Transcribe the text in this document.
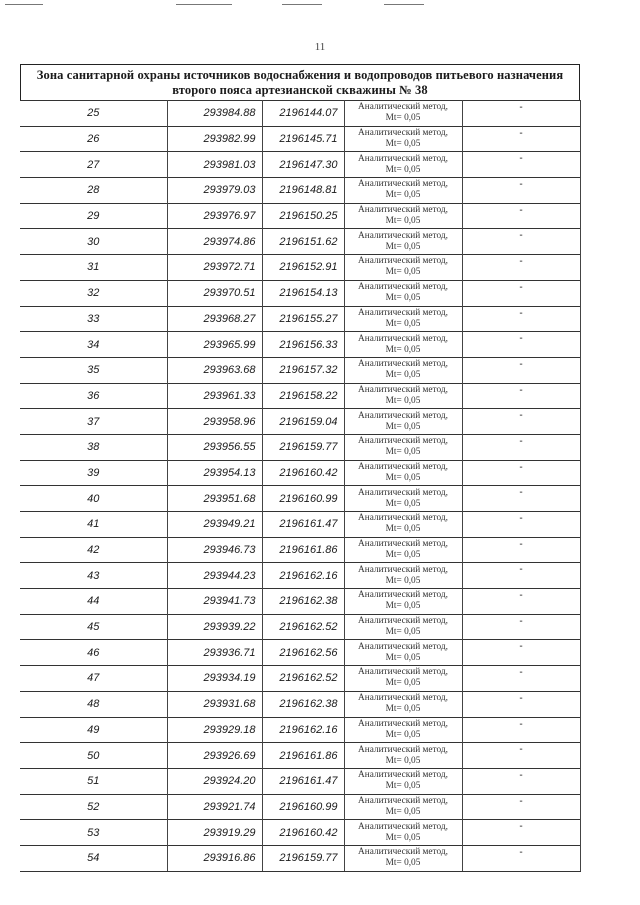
11
Зона санитарной охраны источников водоснабжения и водопроводов питьевого назначения
второго пояса артезианской скважины № 38
25	293984.88	2196144.07	Аналитический метод,
Mt= 0,05	-
26	293982.99	2196145.71	Аналитический метод,
Mt= 0,05	-
27	293981.03	2196147.30	Аналитический метод,
Mt= 0,05	-
28	293979.03	2196148.81	Аналитический метод,
Mt= 0,05	-
29	293976.97	2196150.25	Аналитический метод,
Mt= 0,05	-
30	293974.86	2196151.62	Аналитический метод,
Mt= 0,05	-
31	293972.71	2196152.91	Аналитический метод,
Mt= 0,05	-
32	293970.51	2196154.13	Аналитический метод,
Mt= 0,05	-
33	293968.27	2196155.27	Аналитический метод,
Mt= 0,05	-
34	293965.99	2196156.33	Аналитический метод,
Mt= 0,05	-
35	293963.68	2196157.32	Аналитический метод,
Mt= 0,05	-
36	293961.33	2196158.22	Аналитический метод,
Mt= 0,05	-
37	293958.96	2196159.04	Аналитический метод,
Mt= 0,05	-
38	293956.55	2196159.77	Аналитический метод,
Mt= 0,05	-
39	293954.13	2196160.42	Аналитический метод,
Mt= 0,05	-
40	293951.68	2196160.99	Аналитический метод,
Mt= 0,05	-
41	293949.21	2196161.47	Аналитический метод,
Mt= 0,05	-
42	293946.73	2196161.86	Аналитический метод,
Mt= 0,05	-
43	293944.23	2196162.16	Аналитический метод,
Mt= 0,05	-
44	293941.73	2196162.38	Аналитический метод,
Mt= 0,05	-
45	293939.22	2196162.52	Аналитический метод,
Mt= 0,05	-
46	293936.71	2196162.56	Аналитический метод,
Mt= 0,05	-
47	293934.19	2196162.52	Аналитический метод,
Mt= 0,05	-
48	293931.68	2196162.38	Аналитический метод,
Mt= 0,05	-
49	293929.18	2196162.16	Аналитический метод,
Mt= 0,05	-
50	293926.69	2196161.86	Аналитический метод,
Mt= 0,05	-
51	293924.20	2196161.47	Аналитический метод,
Mt= 0,05	-
52	293921.74	2196160.99	Аналитический метод,
Mt= 0,05	-
53	293919.29	2196160.42	Аналитический метод,
Mt= 0,05	-
54	293916.86	2196159.77	Аналитический метод,
Mt= 0,05	-
